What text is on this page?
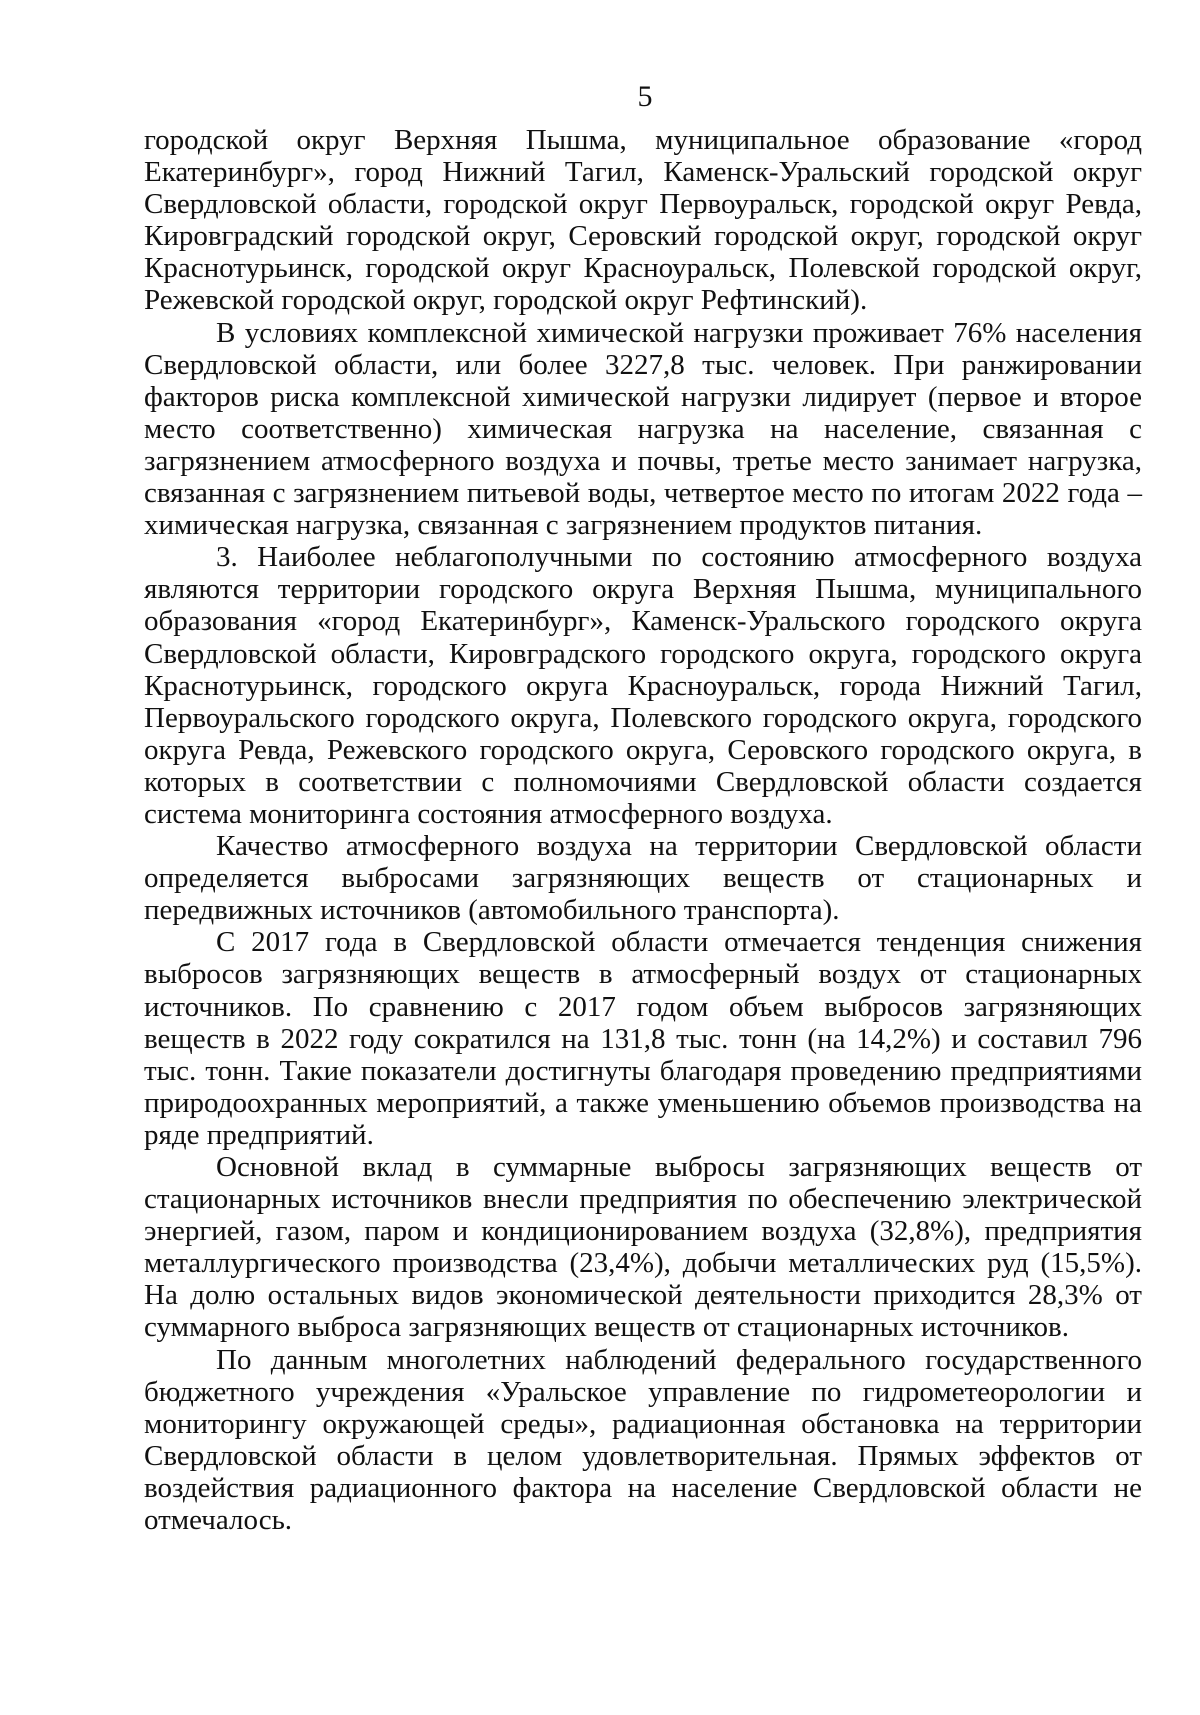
5

городской округ Верхняя Пышма, муниципальное образование «город Екатеринбург», город Нижний Тагил, Каменск-Уральский городской округ Свердловской области, городской округ Первоуральск, городской округ Ревда, Кировградский городской округ, Серовский городской округ, городской округ Краснотурьинск, городской округ Красноуральск, Полевской городской округ, Режевской городской округ, городской округ Рефтинский).

В условиях комплексной химической нагрузки проживает 76% населения Свердловской области, или более 3227,8 тыс. человек. При ранжировании факторов риска комплексной химической нагрузки лидирует (первое и второе место соответственно) химическая нагрузка на население, связанная с загрязнением атмосферного воздуха и почвы, третье место занимает нагрузка, связанная с загрязнением питьевой воды, четвертое место по итогам 2022 года – химическая нагрузка, связанная с загрязнением продуктов питания.

3. Наиболее неблагополучными по состоянию атмосферного воздуха являются территории городского округа Верхняя Пышма, муниципального образования «город Екатеринбург», Каменск-Уральского городского округа Свердловской области, Кировградского городского округа, городского округа Краснотурьинск, городского округа Красноуральск, города Нижний Тагил, Первоуральского городского округа, Полевского городского округа, городского округа Ревда, Режевского городского округа, Серовского городского округа, в которых в соответствии с полномочиями Свердловской области создается система мониторинга состояния атмосферного воздуха.

Качество атмосферного воздуха на территории Свердловской области определяется выбросами загрязняющих веществ от стационарных и передвижных источников (автомобильного транспорта).

С 2017 года в Свердловской области отмечается тенденция снижения выбросов загрязняющих веществ в атмосферный воздух от стационарных источников. По сравнению с 2017 годом объем выбросов загрязняющих веществ в 2022 году сократился на 131,8 тыс. тонн (на 14,2%) и составил 796 тыс. тонн. Такие показатели достигнуты благодаря проведению предприятиями природоохранных мероприятий, а также уменьшению объемов производства на ряде предприятий.

Основной вклад в суммарные выбросы загрязняющих веществ от стационарных источников внесли предприятия по обеспечению электрической энергией, газом, паром и кондиционированием воздуха (32,8%), предприятия металлургического производства (23,4%), добычи металлических руд (15,5%). На долю остальных видов экономической деятельности приходится 28,3% от суммарного выброса загрязняющих веществ от стационарных источников.

По данным многолетних наблюдений федерального государственного бюджетного учреждения «Уральское управление по гидрометеорологии и мониторингу окружающей среды», радиационная обстановка на территории Свердловской области в целом удовлетворительная. Прямых эффектов от воздействия радиационного фактора на население Свердловской области не отмечалось.
